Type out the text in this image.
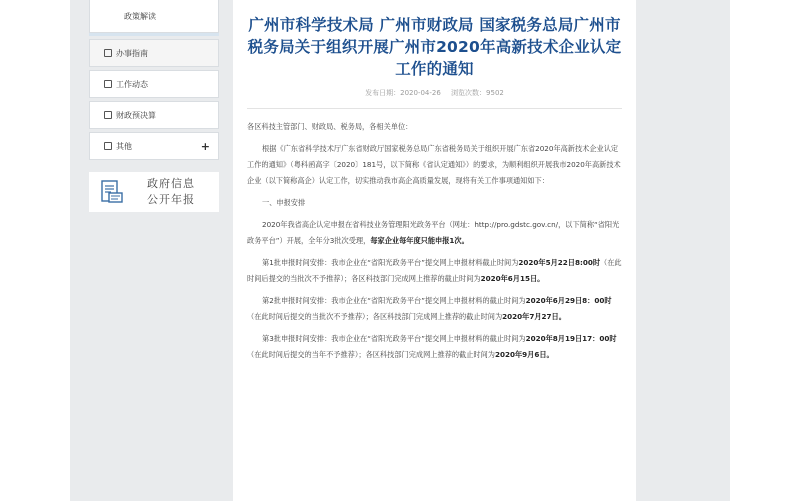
政策解读
办事指南
工作动态
财政预决算
其他	+
政府信息
公开年报
广州市科学技术局 广州市财政局 国家税务总局广州市税务局关于组织开展广州市2020年高新技术企业认定工作的通知
发布日期：2020-04-26 浏览次数：9502

各区科技主管部门、财政局、税务局，各相关单位：

根据《广东省科学技术厅广东省财政厅国家税务总局广东省税务局关于组织开展广东省2020年高新技术企业认定工作的通知》（粤科函高字〔2020〕181号，以下简称《省认定通知》）的要求，为顺利组织开展我市2020年高新技术企业（以下简称高企）认定工作，切实推动我市高企高质量发展，现将有关工作事项通知如下：

一、申报安排

2020年我省高企认定申报在省科技业务管理阳光政务平台（网址：http://pro.gdstc.gov.cn/，以下简称“省阳光政务平台”）开展，全年分3批次受理，每家企业每年度只能申报1次。

第1批申报时间安排：我市企业在“省阳光政务平台”提交网上申报材料截止时间为2020年5月22日8:00时（在此时间后提交的当批次不予推荐）；各区科技部门完成网上推荐的截止时间为2020年6月15日。

第2批申报时间安排：我市企业在“省阳光政务平台”提交网上申报材料的截止时间为2020年6月29日8：00时（在此时间后提交的当批次不予推荐）；各区科技部门完成网上推荐的截止时间为2020年7月27日。

第3批申报时间安排：我市企业在“省阳光政务平台”提交网上申报材料的截止时间为2020年8月19日17：00时（在此时间后提交的当年不予推荐）；各区科技部门完成网上推荐的截止时间为2020年9月6日。
